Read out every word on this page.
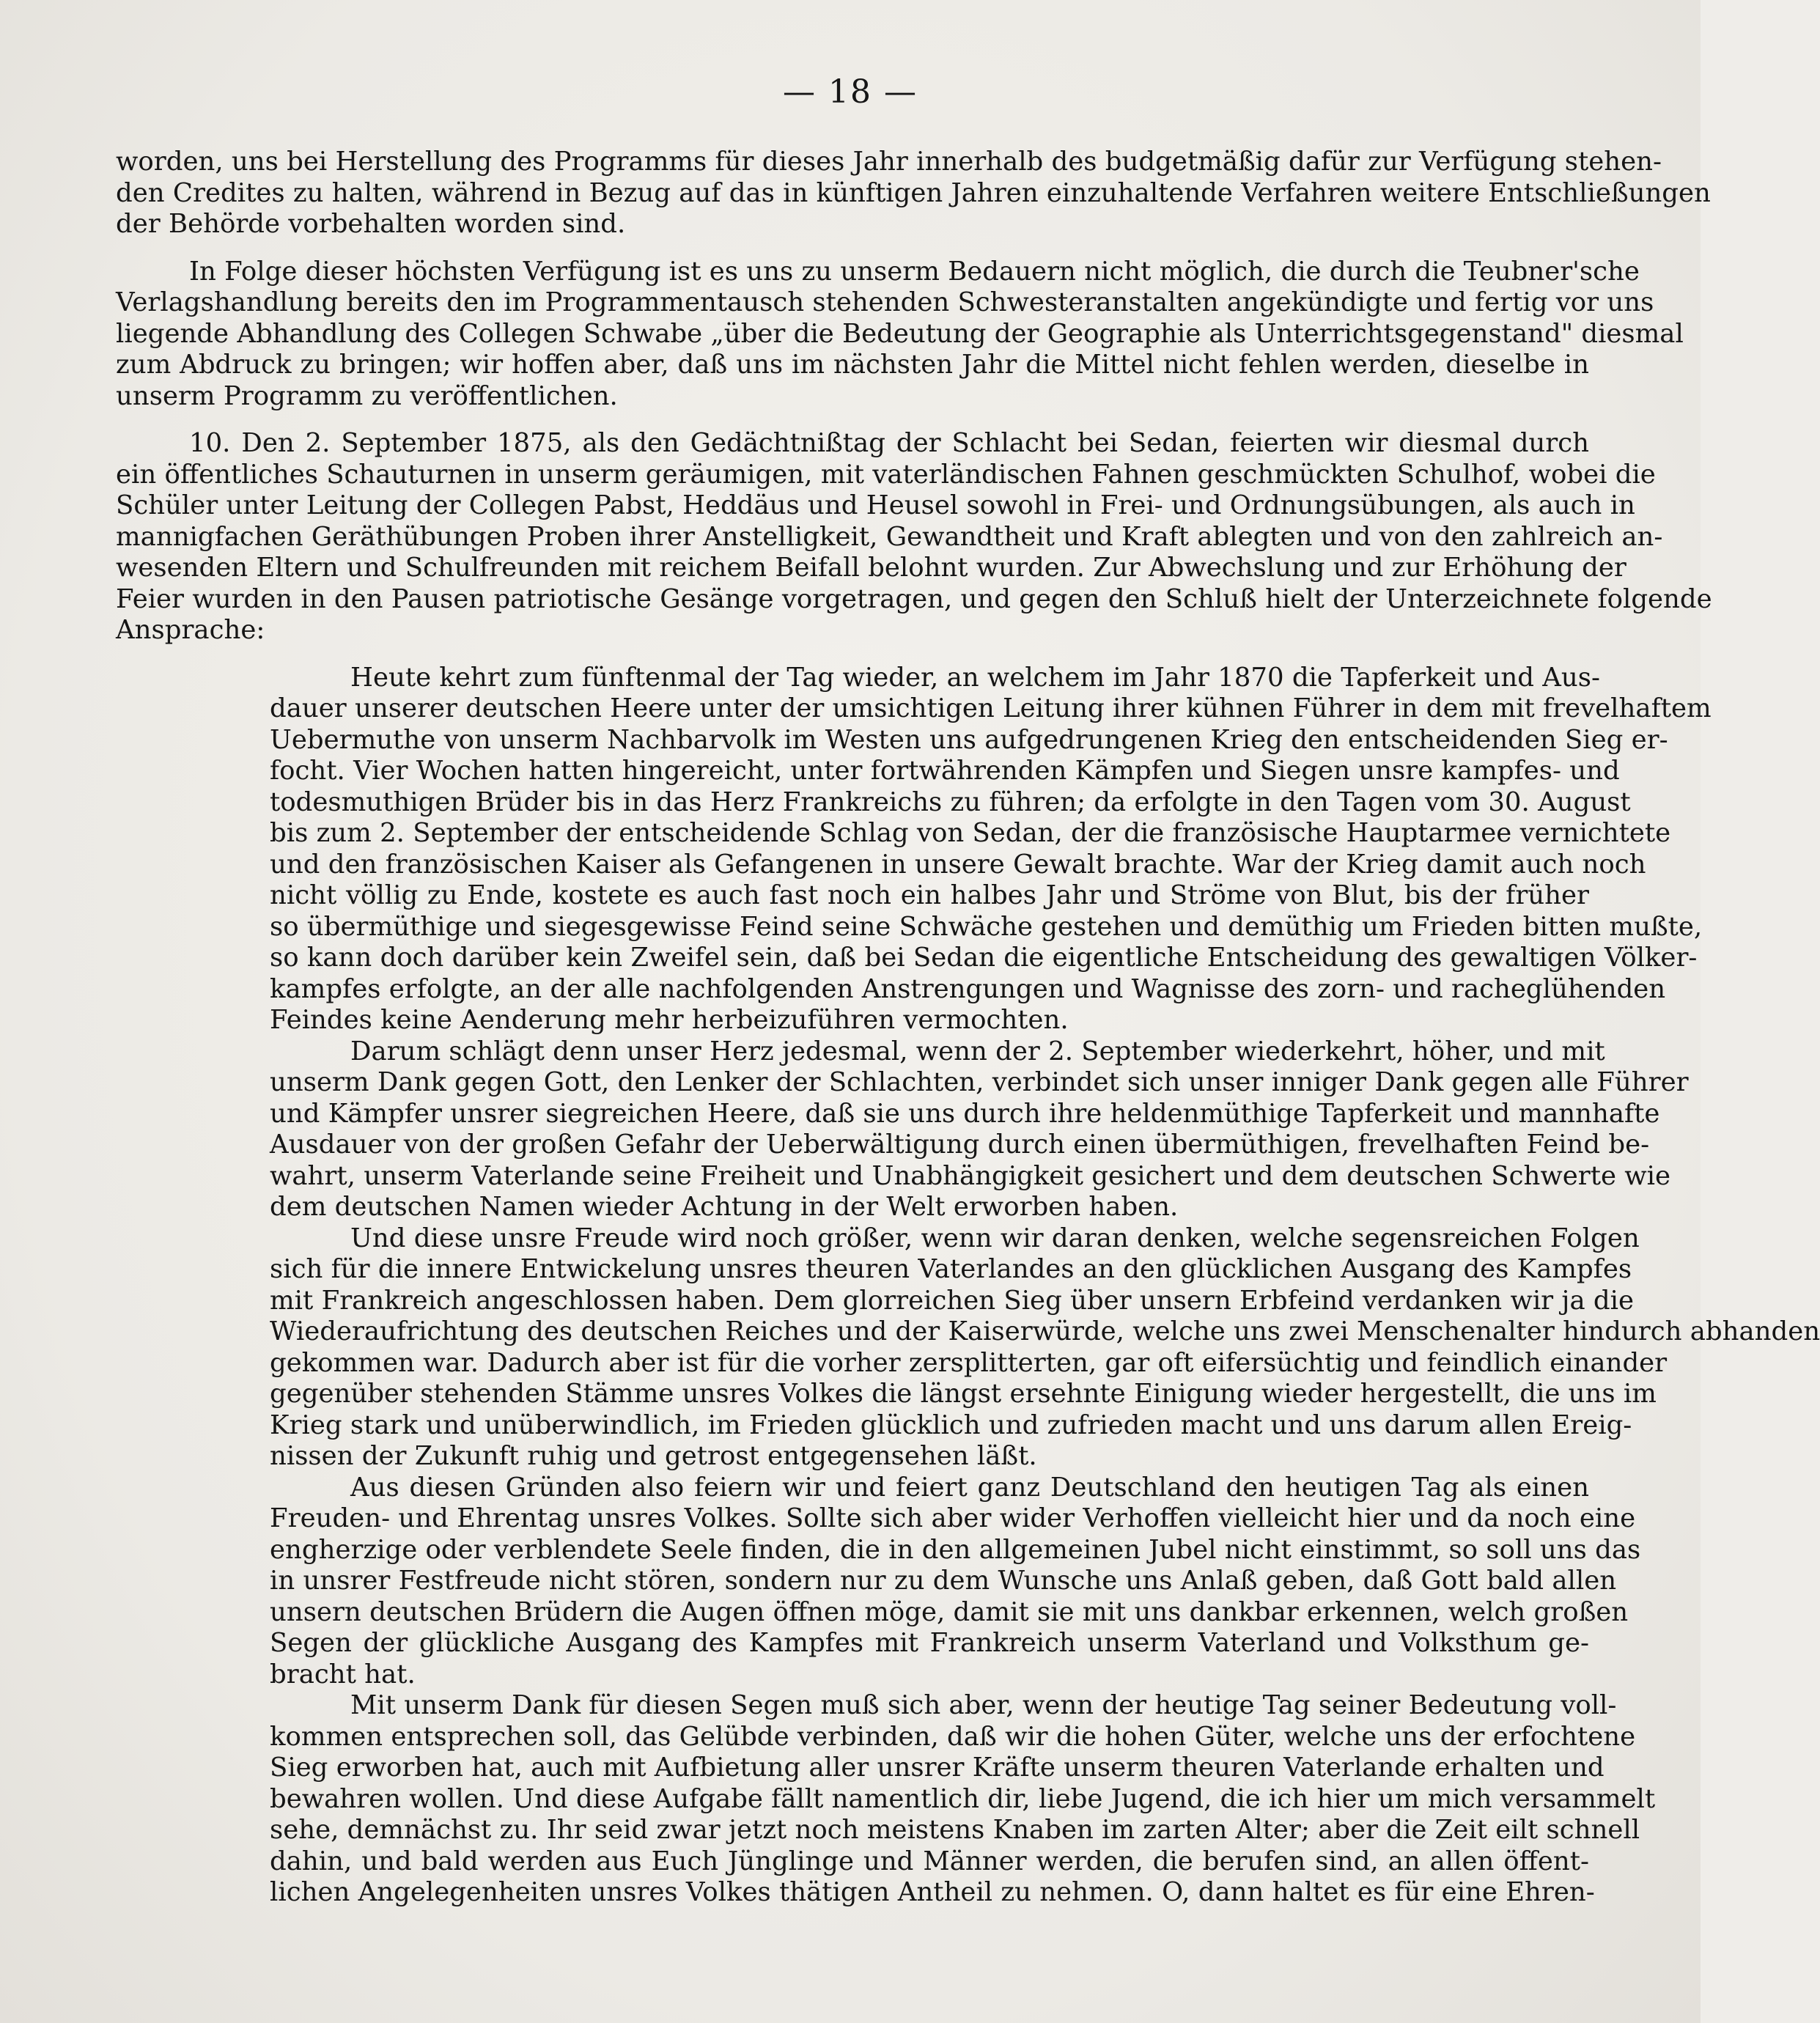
— 18 —
worden, uns bei Herstellung des Programms für dieses Jahr innerhalb des budgetmäßig dafür zur Verfügung stehen-
den Credites zu halten, während in Bezug auf das in künftigen Jahren einzuhaltende Verfahren weitere Entschließungen
der Behörde vorbehalten worden sind.
In Folge dieser höchsten Verfügung ist es uns zu unserm Bedauern nicht möglich, die durch die Teubner'sche
Verlagshandlung bereits den im Programmentausch stehenden Schwesteranstalten angekündigte und fertig vor uns
liegende Abhandlung des Collegen Schwabe „über die Bedeutung der Geographie als Unterrichtsgegenstand" diesmal
zum Abdruck zu bringen; wir hoffen aber, daß uns im nächsten Jahr die Mittel nicht fehlen werden, dieselbe in
unserm Programm zu veröffentlichen.
10. Den 2. September 1875, als den Gedächtnißtag der Schlacht bei Sedan, feierten wir diesmal durch
ein öffentliches Schauturnen in unserm geräumigen, mit vaterländischen Fahnen geschmückten Schulhof, wobei die
Schüler unter Leitung der Collegen Pabst, Heddäus und Heusel sowohl in Frei- und Ordnungsübungen, als auch in
mannigfachen Geräthübungen Proben ihrer Anstelligkeit, Gewandtheit und Kraft ablegten und von den zahlreich an-
wesenden Eltern und Schulfreunden mit reichem Beifall belohnt wurden. Zur Abwechslung und zur Erhöhung der
Feier wurden in den Pausen patriotische Gesänge vorgetragen, und gegen den Schluß hielt der Unterzeichnete folgende
Ansprache:
Heute kehrt zum fünftenmal der Tag wieder, an welchem im Jahr 1870 die Tapferkeit und Aus-
dauer unserer deutschen Heere unter der umsichtigen Leitung ihrer kühnen Führer in dem mit frevelhaftem
Uebermuthe von unserm Nachbarvolk im Westen uns aufgedrungenen Krieg den entscheidenden Sieg er-
focht. Vier Wochen hatten hingereicht, unter fortwährenden Kämpfen und Siegen unsre kampfes- und
todesmuthigen Brüder bis in das Herz Frankreichs zu führen; da erfolgte in den Tagen vom 30. August
bis zum 2. September der entscheidende Schlag von Sedan, der die französische Hauptarmee vernichtete
und den französischen Kaiser als Gefangenen in unsere Gewalt brachte. War der Krieg damit auch noch
nicht völlig zu Ende, kostete es auch fast noch ein halbes Jahr und Ströme von Blut, bis der früher
so übermüthige und siegesgewisse Feind seine Schwäche gestehen und demüthig um Frieden bitten mußte,
so kann doch darüber kein Zweifel sein, daß bei Sedan die eigentliche Entscheidung des gewaltigen Völker-
kampfes erfolgte, an der alle nachfolgenden Anstrengungen und Wagnisse des zorn- und racheglühenden
Feindes keine Aenderung mehr herbeizuführen vermochten.
Darum schlägt denn unser Herz jedesmal, wenn der 2. September wiederkehrt, höher, und mit
unserm Dank gegen Gott, den Lenker der Schlachten, verbindet sich unser inniger Dank gegen alle Führer
und Kämpfer unsrer siegreichen Heere, daß sie uns durch ihre heldenmüthige Tapferkeit und mannhafte
Ausdauer von der großen Gefahr der Ueberwältigung durch einen übermüthigen, frevelhaften Feind be-
wahrt, unserm Vaterlande seine Freiheit und Unabhängigkeit gesichert und dem deutschen Schwerte wie
dem deutschen Namen wieder Achtung in der Welt erworben haben.
Und diese unsre Freude wird noch größer, wenn wir daran denken, welche segensreichen Folgen
sich für die innere Entwickelung unsres theuren Vaterlandes an den glücklichen Ausgang des Kampfes
mit Frankreich angeschlossen haben. Dem glorreichen Sieg über unsern Erbfeind verdanken wir ja die
Wiederaufrichtung des deutschen Reiches und der Kaiserwürde, welche uns zwei Menschenalter hindurch abhanden
gekommen war. Dadurch aber ist für die vorher zersplitterten, gar oft eifersüchtig und feindlich einander
gegenüber stehenden Stämme unsres Volkes die längst ersehnte Einigung wieder hergestellt, die uns im
Krieg stark und unüberwindlich, im Frieden glücklich und zufrieden macht und uns darum allen Ereig-
nissen der Zukunft ruhig und getrost entgegensehen läßt.
Aus diesen Gründen also feiern wir und feiert ganz Deutschland den heutigen Tag als einen
Freuden- und Ehrentag unsres Volkes. Sollte sich aber wider Verhoffen vielleicht hier und da noch eine
engherzige oder verblendete Seele finden, die in den allgemeinen Jubel nicht einstimmt, so soll uns das
in unsrer Festfreude nicht stören, sondern nur zu dem Wunsche uns Anlaß geben, daß Gott bald allen
unsern deutschen Brüdern die Augen öffnen möge, damit sie mit uns dankbar erkennen, welch großen
Segen der glückliche Ausgang des Kampfes mit Frankreich unserm Vaterland und Volksthum ge-
bracht hat.
Mit unserm Dank für diesen Segen muß sich aber, wenn der heutige Tag seiner Bedeutung voll-
kommen entsprechen soll, das Gelübde verbinden, daß wir die hohen Güter, welche uns der erfochtene
Sieg erworben hat, auch mit Aufbietung aller unsrer Kräfte unserm theuren Vaterlande erhalten und
bewahren wollen. Und diese Aufgabe fällt namentlich dir, liebe Jugend, die ich hier um mich versammelt
sehe, demnächst zu. Ihr seid zwar jetzt noch meistens Knaben im zarten Alter; aber die Zeit eilt schnell
dahin, und bald werden aus Euch Jünglinge und Männer werden, die berufen sind, an allen öffent-
lichen Angelegenheiten unsres Volkes thätigen Antheil zu nehmen. O, dann haltet es für eine Ehren-
